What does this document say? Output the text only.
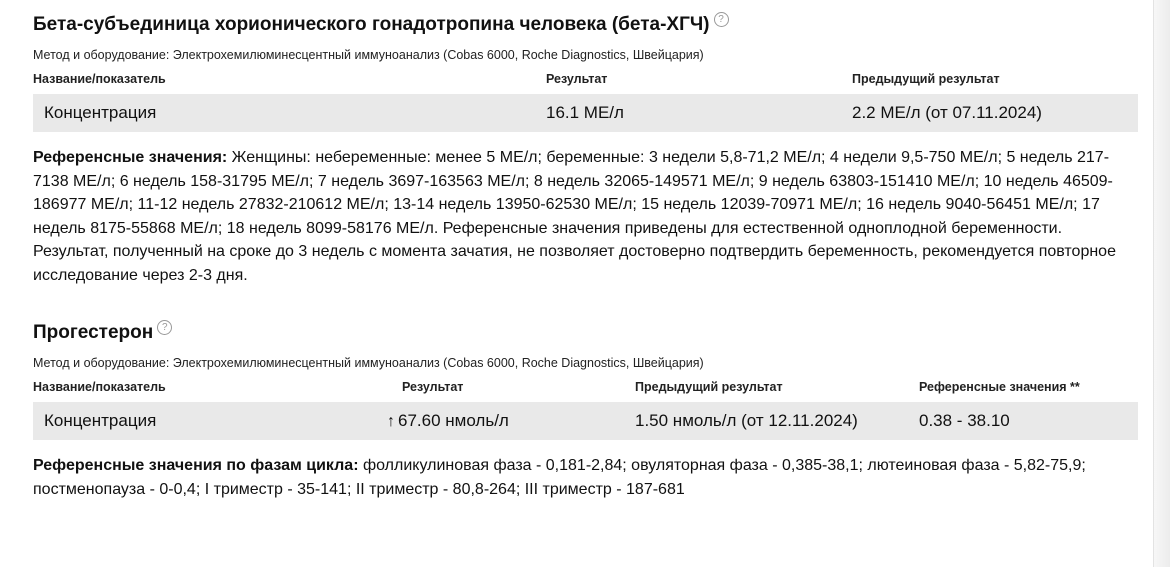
Бета-субъединица хорионического гонадотропина человека (бета-ХГЧ) ?
Метод и оборудование: Электрохемилюминесцентный иммуноанализ (Cobas 6000, Roche Diagnostics, Швейцария)
Название/показатель	Результат	Предыдущий результат
Концентрация	16.1 МЕ/л	2.2 МЕ/л (от 07.11.2024)
Референсные значения: Женщины: небеременные: менее 5 МЕ/л; беременные: 3 недели 5,8-71,2 МЕ/л; 4 недели 9,5-750 МЕ/л; 5 недель 217-7138 МЕ/л; 6 недель 158-31795 МЕ/л; 7 недель 3697-163563 МЕ/л; 8 недель 32065-149571 МЕ/л; 9 недель 63803-151410 МЕ/л; 10 недель 46509-186977 МЕ/л; 11-12 недель 27832-210612 МЕ/л; 13-14 недель 13950-62530 МЕ/л; 15 недель 12039-70971 МЕ/л; 16 недель 9040-56451 МЕ/л; 17 недель 8175-55868 МЕ/л; 18 недель 8099-58176 МЕ/л. Референсные значения приведены для естественной одноплодной беременности. Результат, полученный на сроке до 3 недель с момента зачатия, не позволяет достоверно подтвердить беременность, рекомендуется повторное исследование через 2-3 дня.
Прогестерон ?
Метод и оборудование: Электрохемилюминесцентный иммуноанализ (Cobas 6000, Roche Diagnostics, Швейцария)
Название/показатель	Результат	Предыдущий результат	Референсные значения **
Концентрация	↑ 67.60 нмоль/л	1.50 нмоль/л (от 12.11.2024)	0.38 - 38.10
Референсные значения по фазам цикла: фолликулиновая фаза - 0,181-2,84; овуляторная фаза - 0,385-38,1; лютеиновая фаза - 5,82-75,9; постменопауза - 0-0,4; I триместр - 35-141; II триместр - 80,8-264; III триместр - 187-681
